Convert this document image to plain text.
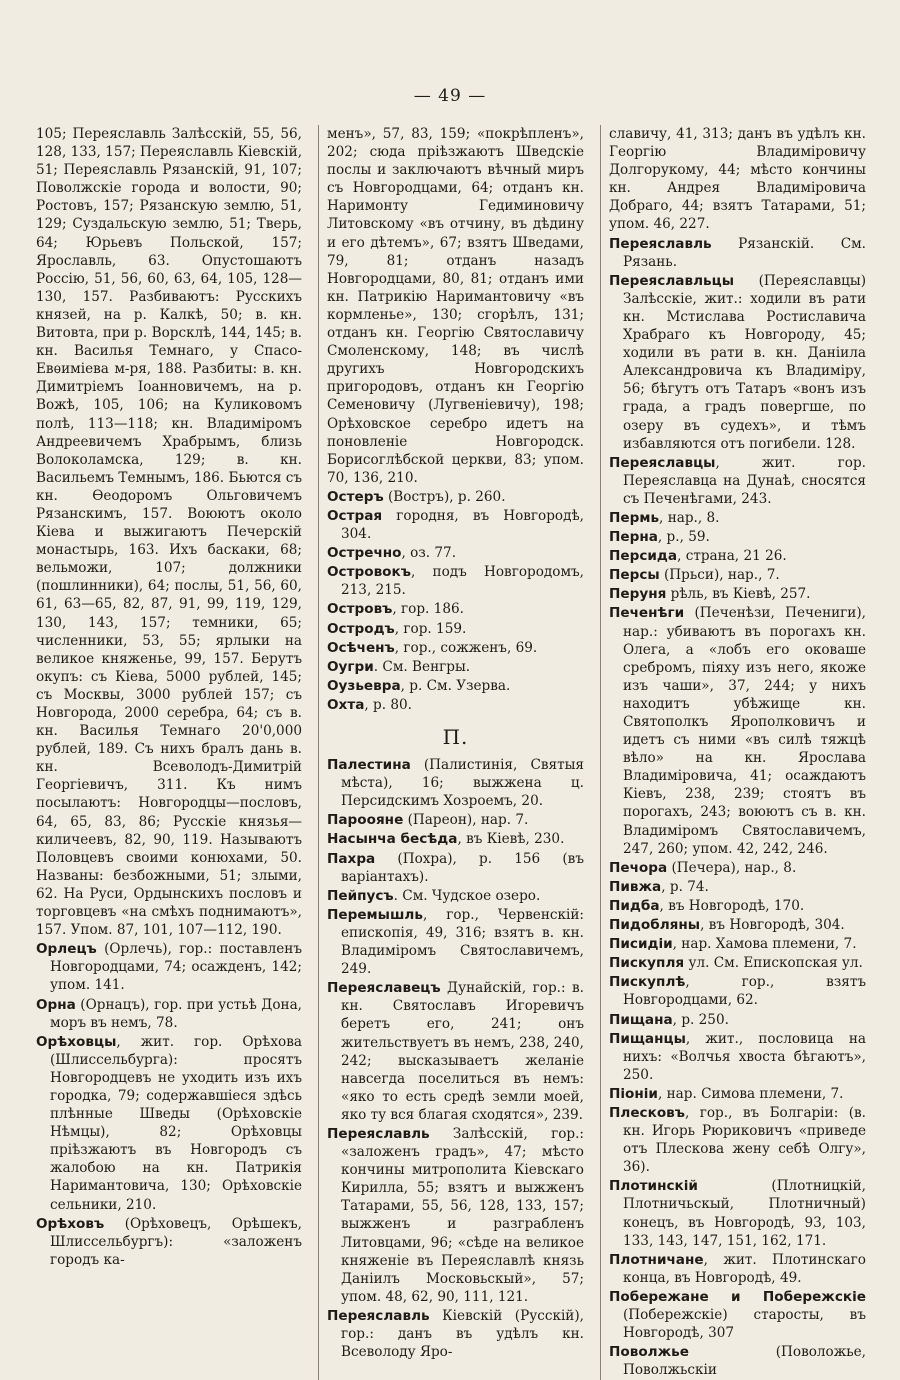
— 49 —
105; Переяславль Залѣсскій, 55, 56, 128, 133, 157; Переяславль Кіевскій, 51; Переяславль Рязанскій, 91, 107; Поволжскіе города и волости, 90; Ростовъ, 157; Рязанскую землю, 51, 129; Суздальскую землю, 51; Тверь, 64; Юрьевъ Польской, 157; Ярославль, 63. Опустошаютъ Россію, 51, 56, 60, 63, 64, 105, 128—130, 157. Разбиваютъ: Русскихъ князей, на р. Калкѣ, 50; в. кн. Витовта, при р. Ворсклѣ, 144, 145; в. кн. Василья Темнаго, у Спасо-Евѳиміева м-ря, 188. Разбиты: в. кн. Димитріемъ Іоанновичемъ, на р. Вожѣ, 105, 106; на Куликовомъ полѣ, 113—118; кн. Владиміромъ Андреевичемъ Храбрымъ, близь Волоколамска, 129; в. кн. Васильемъ Темнымъ, 186. Бьются съ кн. Ѳеодоромъ Ольговичемъ Рязанскимъ, 157. Воюютъ около Кіева и выжигаютъ Печерскій монастырь, 163. Ихъ баскаки, 68; вельможи, 107; должники (пошлинники), 64; послы, 51, 56, 60, 61, 63—65, 82, 87, 91, 99, 119, 129, 130, 143, 157; темники, 65; численники, 53, 55; ярлыки на великое княженье, 99, 157. Берутъ окупъ: съ Кіева, 5000 рублей, 145; съ Москвы, 3000 рублей 157; съ Новгорода, 2000 серебра, 64; съ в. кн. Василья Темнаго 20'0,000 рублей, 189. Съ нихъ бралъ дань в. кн. Всеволодъ-Димитрій Георгіевичъ, 311. Къ нимъ посылаютъ: Новгородцы—пословъ, 64, 65, 83, 86; Русскіе князья—киличеевъ, 82, 90, 119. Называютъ Половцевъ своими конюхами, 50. Названы: безбожными, 51; злыми, 62. На Руси, Ордынскихъ пословъ и торговцевъ «на смѣхъ поднимаютъ», 157. Упом. 87, 101, 107—112, 190.
Орлецъ (Орлечь), гор.: поставленъ Новгородцами, 74; осажденъ, 142; упом. 141.
Орна (Орнацъ), гор. при устьѣ Дона, моръ въ немъ, 78.
Орѣховцы, жит. гор. Орѣхова (Шлиссельбурга): просятъ Новгородцевъ не уходить изъ ихъ городка, 79; содержавшіеся здѣсь плѣнные Шведы (Орѣховскіе Нѣмцы), 82; Орѣховцы пріѣзжаютъ въ Новгородъ съ жалобою на кн. Патрикія Наримантовича, 130; Орѣховскіе сельники, 210.
Орѣховъ (Орѣховецъ, Орѣшекъ, Шлиссельбургъ): «заложенъ городъ ка-
менъ», 57, 83, 159; «покрѣпленъ», 202; сюда пріѣзжаютъ Шведскіе послы и заключаютъ вѣчный миръ съ Новгородцами, 64; отданъ кн. Наримонту Гедиминовичу Литовскому «въ отчину, въ дѣдину и его дѣтемъ», 67; взятъ Шведами, 79, 81; отданъ назадъ Новгородцами, 80, 81; отданъ ими кн. Патрикію Наримантовичу «въ кормленье», 130; сгорѣлъ, 131; отданъ кн. Георгію Святославичу Смоленскому, 148; въ числѣ другихъ Новгородскихъ пригородовъ, отданъ кн Георгію Семеновичу (Лугвеніевичу), 198; Орѣховское серебро идетъ на поновленіе Новгородск. Борисоглѣбской церкви, 83; упом. 70, 136, 210.
Остеръ (Востръ), р. 260.
Острая городня, въ Новгородѣ, 304.
Остречно, оз. 77.
Островокъ, подъ Новгородомъ, 213, 215.
Островъ, гор. 186.
Остродъ, гор. 159.
Осѣченъ, гор., сожженъ, 69.
Оугри. См. Венгры.
Оузьевра, р. См. Узерва.
Охта, р. 80.
П.
Палестина (Палистинія, Святыя мѣста), 16; выжжена ц. Персидскимъ Хозроемъ, 20.
Пароояне (Пареон), нар. 7.
Насынча бесѣда, въ Кіевѣ, 230.
Пахра (Похра), р. 156 (въ варіантахъ).
Пейпусъ. См. Чудское озеро.
Перемышль, гор., Червенскій: епископія, 49, 316; взятъ в. кн. Владиміромъ Святославичемъ, 249.
Переяславецъ Дунайскій, гор.: в. кн. Святославъ Игоревичъ беретъ его, 241; онъ жительствуетъ въ немъ, 238, 240, 242; высказываетъ желаніе навсегда поселиться въ немъ: «яко то есть средѣ земли моей, яко ту вся благая сходятся», 239.
Переяславль Залѣсскій, гор.: «заложенъ градъ», 47; мѣсто кончины митрополита Кіевскаго Кирилла, 55; взятъ и выжженъ Татарами, 55, 56, 128, 133, 157; выжженъ и разграбленъ Литовцами, 96; «сѣде на великое княженіе въ Переяславлѣ князь Даніилъ Московьскый», 57; упом. 48, 62, 90, 111, 121.
Переяславль Кіевскій (Русскій), гор.: данъ въ удѣлъ кн. Всеволоду Яро-
славичу, 41, 313; данъ въ удѣлъ кн. Георгію Владиміровичу Долгорукому, 44; мѣсто кончины кн. Андрея Владиміровича Добраго, 44; взятъ Татарами, 51; упом. 46, 227.
Переяславль Рязанскій. См. Рязань.
Переяславльцы (Переяславцы) Залѣсскіе, жит.: ходили въ рати кн. Мстислава Ростиславича Храбраго къ Новгороду, 45; ходили въ рати в. кн. Даніила Александровича къ Владиміру, 56; бѣгутъ отъ Татаръ «вонъ изъ града, а градъ повергше, по озеру въ судехъ», и тѣмъ избавляются отъ погибели. 128.
Переяславцы, жит. гор. Переяславца на Дунаѣ, сносятся съ Печенѣгами, 243.
Пермь, нар., 8.
Перна, р., 59.
Персида, страна, 21 26.
Персы (Прьси), нар., 7.
Перуня рѣль, въ Кіевѣ, 257.
Печенѣги (Печенѣзи, Печениги), нар.: убиваютъ въ порогахъ кн. Олега, а «лобъ его оковаше сребромъ, піяху изъ него, якоже изъ чаши», 37, 244; у нихъ находитъ убѣжище кн. Святополкъ Ярополковичъ и идетъ съ ними «въ силѣ тяжцѣ вѣло» на кн. Ярослава Владиміровича, 41; осаждаютъ Кіевъ, 238, 239; стоятъ въ порогахъ, 243; воюютъ съ в. кн. Владиміромъ Святославичемъ, 247, 260; упом. 42, 242, 246.
Печора (Печера), нар., 8.
Пивжа, р. 74.
Пидба, въ Новгородѣ, 170.
Пидобляны, въ Новгородѣ, 304.
Писидіи, нар. Хамова племени, 7.
Пискупля ул. См. Епископская ул.
Пискуплѣ, гор., взятъ Новгородцами, 62.
Пищана, р. 250.
Пищанцы, жит., пословица на нихъ: «Волчья хвоста бѣгаютъ», 250.
Піоніи, нар. Симова племени, 7.
Плесковъ, гор., въ Болгаріи: (в. кн. Игорь Рюриковичъ «приведе отъ Плескова жену себѣ Олгу», 36).
Плотинскій (Плотницкій, Плотничьскый, Плотничный) конецъ, въ Новгородѣ, 93, 103, 133, 143, 147, 151, 162, 171.
Плотничане, жит. Плотинскаго конца, въ Новгородѣ, 49.
Побережане и Побережскіе (Побережскіе) старосты, въ Новгородѣ, 307
Поволжье (Поволожье, Поволжьскіи
